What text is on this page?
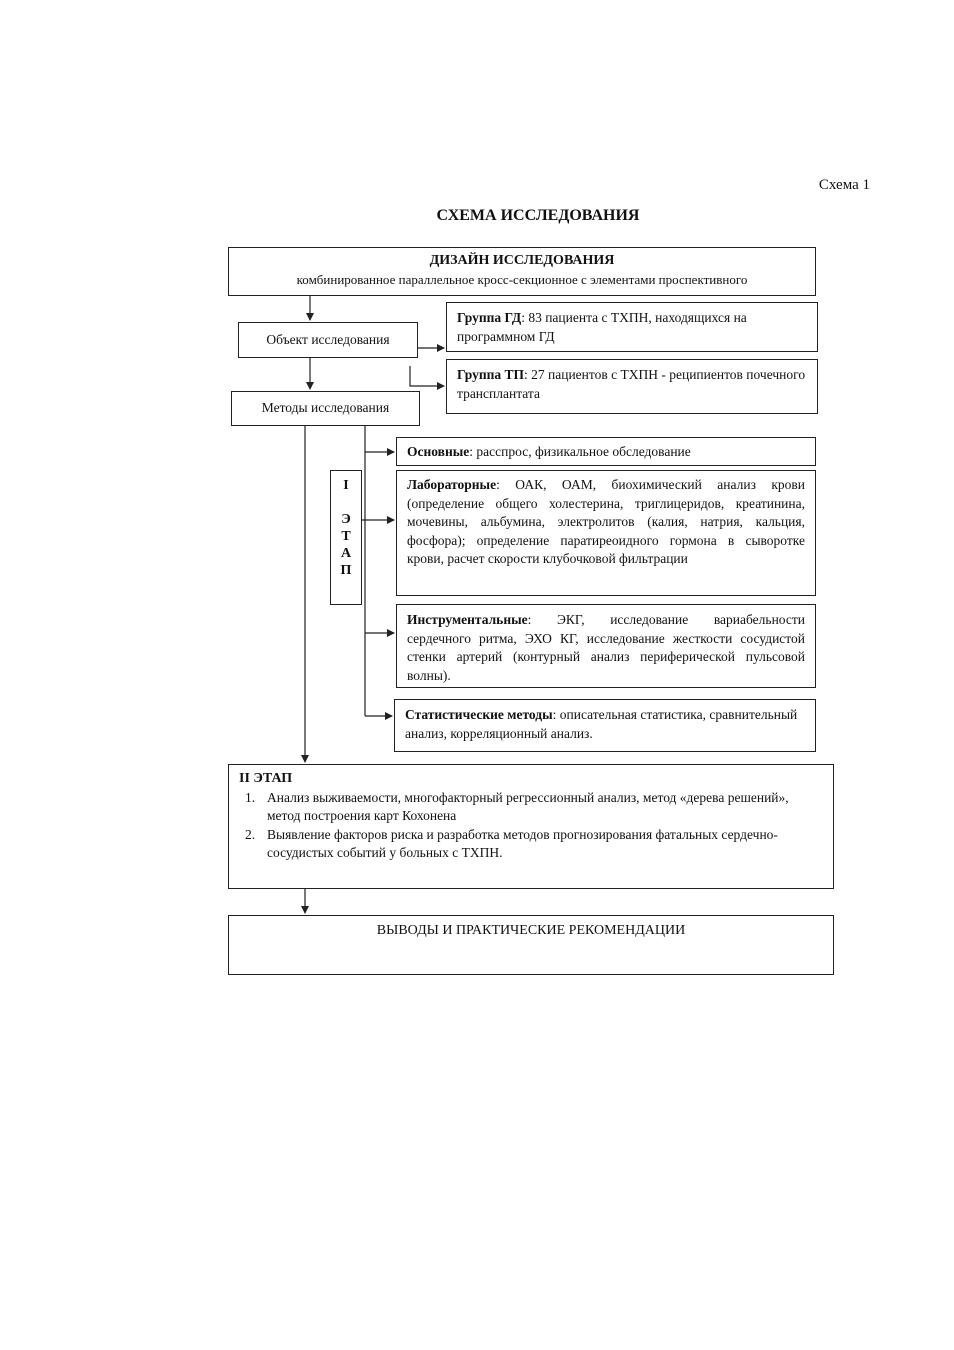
Схема 1
СХЕМА ИССЛЕДОВАНИЯ
ДИЗАЙН ИССЛЕДОВАНИЯ
комбинированное параллельное кросс-секционное с элементами проспективного
Объект исследования
Методы исследования
Группа ГД: 83 пациента с ТХПН, находящихся на программном ГД
Группа ТП: 27 пациентов с ТХПН - реципиентов почечного трансплантата
I
Э
Т
А
П
Основные: расспрос, физикальное обследование
Лабораторные: ОАК, ОАМ, биохимический анализ крови (определение общего холестерина, триглицеридов, креатинина, мочевины, альбумина, электролитов (калия, натрия, кальция, фосфора); определение паратиреоидного гормона в сыворотке крови, расчет скорости клубочковой фильтрации
Инструментальные: ЭКГ, исследование вариабельности сердечного ритма, ЭХО КГ, исследование жесткости сосудистой стенки артерий (контурный анализ периферической пульсовой волны).
Статистические методы: описательная статистика, сравнительный анализ, корреляционный анализ.
II ЭТАП
1. Анализ выживаемости, многофакторный регрессионный анализ, метод «дерева решений», метод построения карт Кохонена
2. Выявление факторов риска и разработка методов прогнозирования фатальных сердечно-сосудистых событий у больных с ТХПН.
ВЫВОДЫ И ПРАКТИЧЕСКИЕ РЕКОМЕНДАЦИИ
